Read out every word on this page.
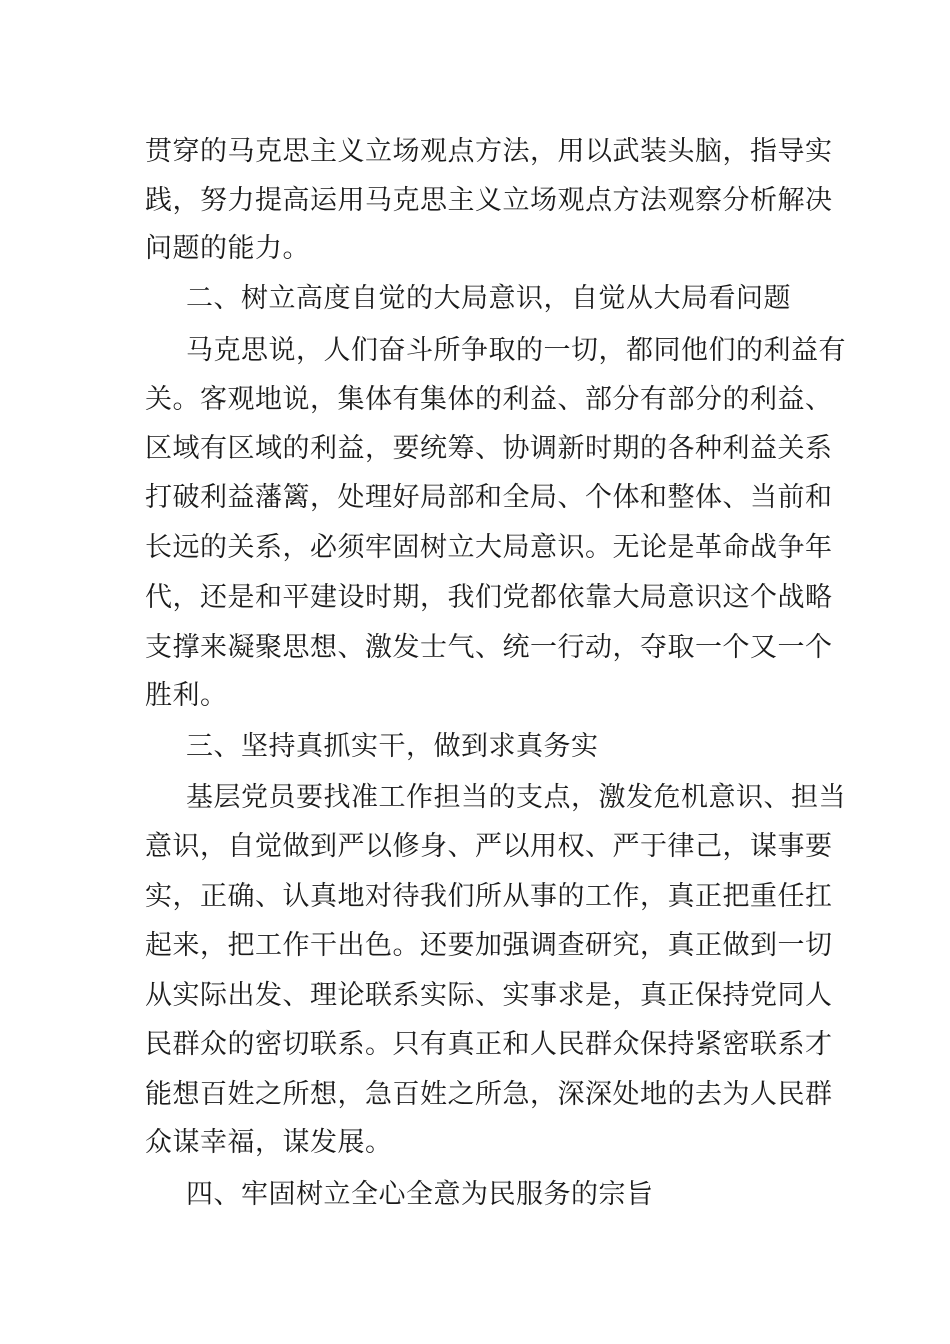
贯穿的马克思主义立场观点方法，用以武装头脑，指导实
践，努力提高运用马克思主义立场观点方法观察分析解决
问题的能力。
二、树立高度自觉的大局意识，自觉从大局看问题
马克思说，人们奋斗所争取的一切，都同他们的利益有
关。客观地说，集体有集体的利益、部分有部分的利益、
区域有区域的利益，要统筹、协调新时期的各种利益关系
打破利益藩篱，处理好局部和全局、个体和整体、当前和
长远的关系，必须牢固树立大局意识。无论是革命战争年
代，还是和平建设时期，我们党都依靠大局意识这个战略
支撑来凝聚思想、激发士气、统一行动，夺取一个又一个
胜利。
三、坚持真抓实干，做到求真务实
基层党员要找准工作担当的支点，激发危机意识、担当
意识，自觉做到严以修身、严以用权、严于律己，谋事要
实，正确、认真地对待我们所从事的工作，真正把重任扛
起来，把工作干出色。还要加强调查研究，真正做到一切
从实际出发、理论联系实际、实事求是，真正保持党同人
民群众的密切联系。只有真正和人民群众保持紧密联系才
能想百姓之所想，急百姓之所急，深深处地的去为人民群
众谋幸福，谋发展。
四、牢固树立全心全意为民服务的宗旨
